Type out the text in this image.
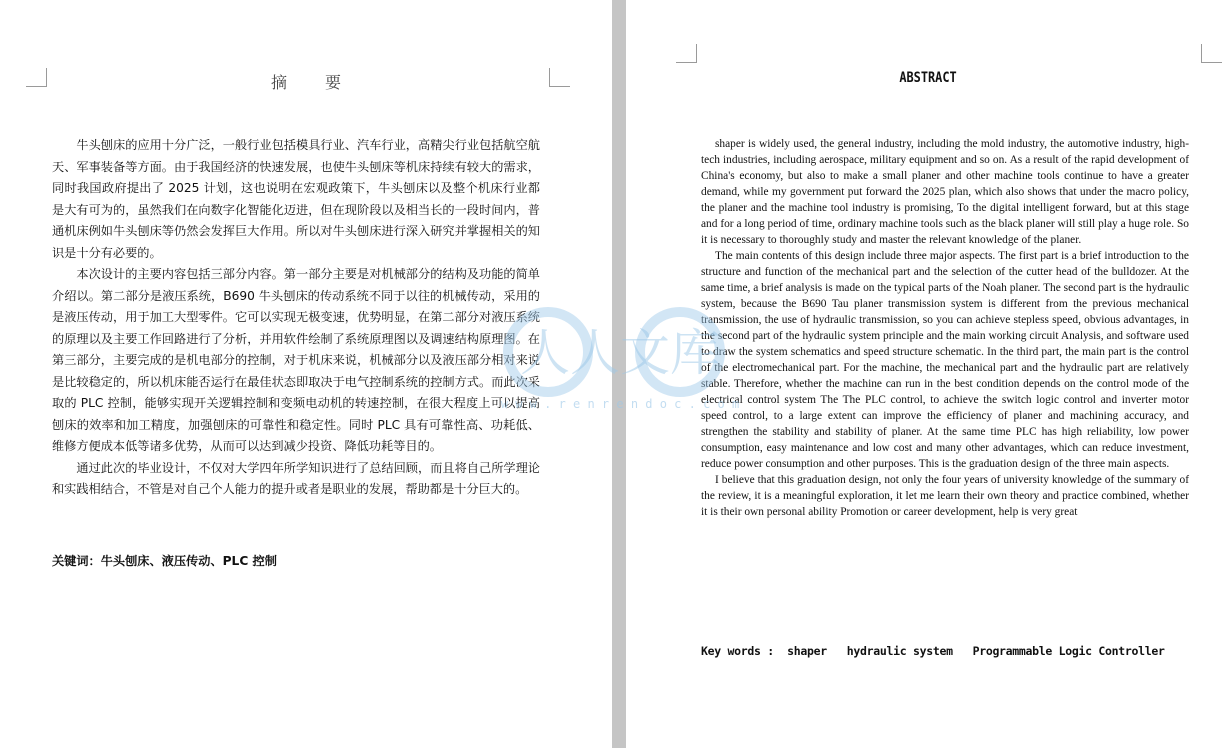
摘要

牛头刨床的应用十分广泛，一般行业包括模具行业、汽车行业，高精尖行业包括航空航天、军事装备等方面。由于我国经济的快速发展，也使牛头刨床等机床持续有较大的需求，同时我国政府提出了 2025 计划，这也说明在宏观政策下，牛头刨床以及整个机床行业都是大有可为的，虽然我们在向数字化智能化迈进，但在现阶段以及相当长的一段时间内，普通机床例如牛头刨床等仍然会发挥巨大作用。所以对牛头刨床进行深入研究并掌握相关的知识是十分有必要的。

本次设计的主要内容包括三部分内容。第一部分主要是对机械部分的结构及功能的简单介绍以。第二部分是液压系统，B690 牛头刨床的传动系统不同于以往的机械传动，采用的是液压传动，用于加工大型零件。它可以实现无极变速，优势明显，在第二部分对液压系统的原理以及主要工作回路进行了分析，并用软件绘制了系统原理图以及调速结构原理图。在第三部分，主要完成的是机电部分的控制，对于机床来说，机械部分以及液压部分相对来说是比较稳定的，所以机床能否运行在最佳状态即取决于电气控制系统的控制方式。而此次采取的 PLC 控制，能够实现开关逻辑控制和变频电动机的转速控制，在很大程度上可以提高刨床的效率和加工精度，加强刨床的可靠性和稳定性。同时 PLC 具有可靠性高、功耗低、维修方便成本低等诸多优势，从而可以达到减少投资、降低功耗等目的。

通过此次的毕业设计，不仅对大学四年所学知识进行了总结回顾，而且将自己所学理论和实践相结合，不管是对自己个人能力的提升或者是职业的发展，帮助都是十分巨大的。

关键词：牛头刨床、液压传动、PLC 控制
ABSTRACT

shaper is widely used, the general industry, including the mold industry, the automotive industry, high-tech industries, including aerospace, military equipment and so on. As a result of the rapid development of China's economy, but also to make a small planer and other machine tools continue to have a greater demand, while my government put forward the 2025 plan, which also shows that under the macro policy, the planer and the machine tool industry is promising, To the digital intelligent forward, but at this stage and for a long period of time, ordinary machine tools such as the black planer will still play a huge role. So it is necessary to thoroughly study and master the relevant knowledge of the planer.

The main contents of this design include three major aspects. The first part is a brief introduction to the structure and function of the mechanical part and the selection of the cutter head of the bulldozer. At the same time, a brief analysis is made on the typical parts of the Noah planer. The second part is the hydraulic system, because the B690 Tau planer transmission system is different from the previous mechanical transmission, the use of hydraulic transmission, so you can achieve stepless speed, obvious advantages, in the second part of the hydraulic system principle and the main working circuit Analysis, and software used to draw the system schematics and speed structure schematic. In the third part, the main part is the control of the electromechanical part. For the machine, the mechanical part and the hydraulic part are relatively stable. Therefore, whether the machine can run in the best condition depends on the control mode of the electrical control system The The PLC control, to achieve the switch logic control and inverter motor speed control, to a large extent can improve the efficiency of planer and machining accuracy, and strengthen the stability and stability of planer. At the same time PLC has high reliability, low power consumption, easy maintenance and low cost and many other advantages, which can reduce investment, reduce power consumption and other purposes. This is the graduation design of the three main aspects.

I believe that this graduation design, not only the four years of university knowledge of the summary of the review, it is a meaningful exploration, it let me learn their own theory and practice combined, whether it is their own personal ability Promotion or career development, help is very great

Key words :  shaper   hydraulic system   Programmable Logic Controller
人人文库
w w w . r e n r e n d o c . c o m
